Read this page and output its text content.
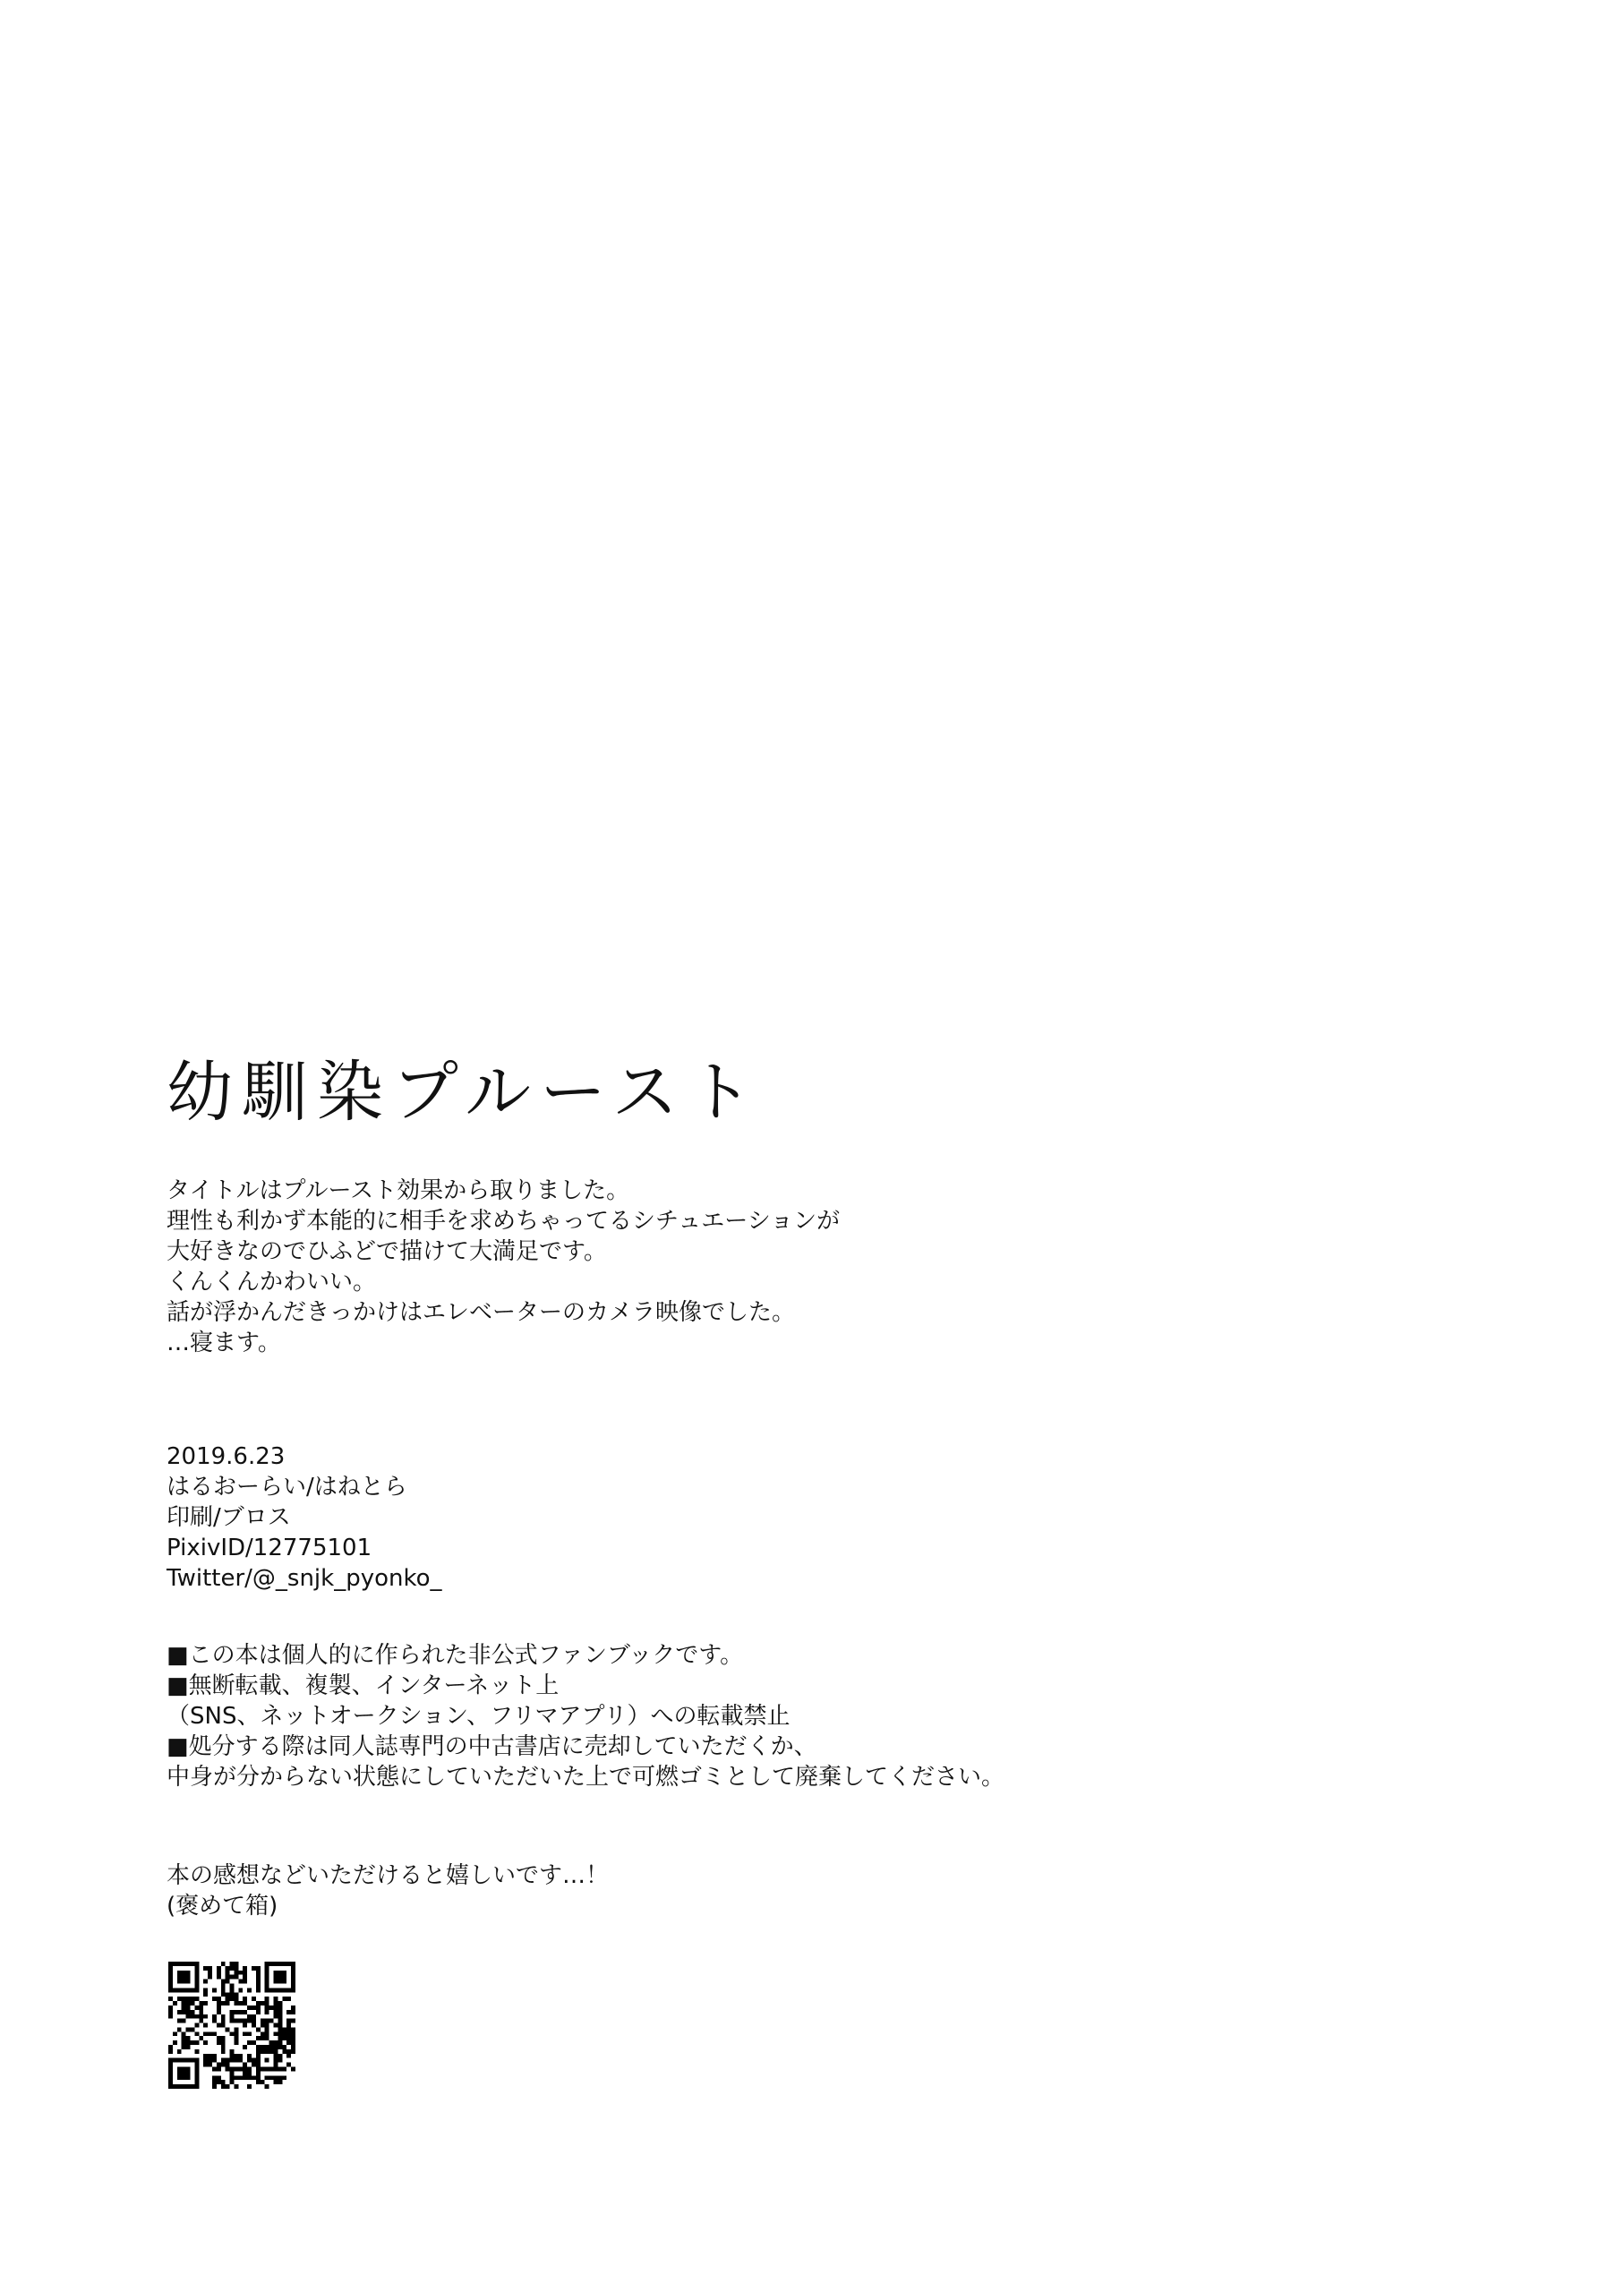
幼馴染プルースト
タイトルはプルースト効果から取りました。
理性も利かず本能的に相手を求めちゃってるシチュエーションが
大好きなのでひふどで描けて大満足です。
くんくんかわいい。
話が浮かんだきっかけはエレベーターのカメラ映像でした。
…寝ます。
2019.6.23
はるおーらい/はねとら
印刷/ブロス
PixivID/12775101
Twitter/@_snjk_pyonko_
■この本は個人的に作られた非公式ファンブックです。
■無断転載、複製、インターネット上
（SNS、ネットオークション、フリマアプリ）への転載禁止
■処分する際は同人誌専門の中古書店に売却していただくか、
中身が分からない状態にしていただいた上で可燃ゴミとして廃棄してください。
本の感想などいただけると嬉しいです…！
(褒めて箱)
